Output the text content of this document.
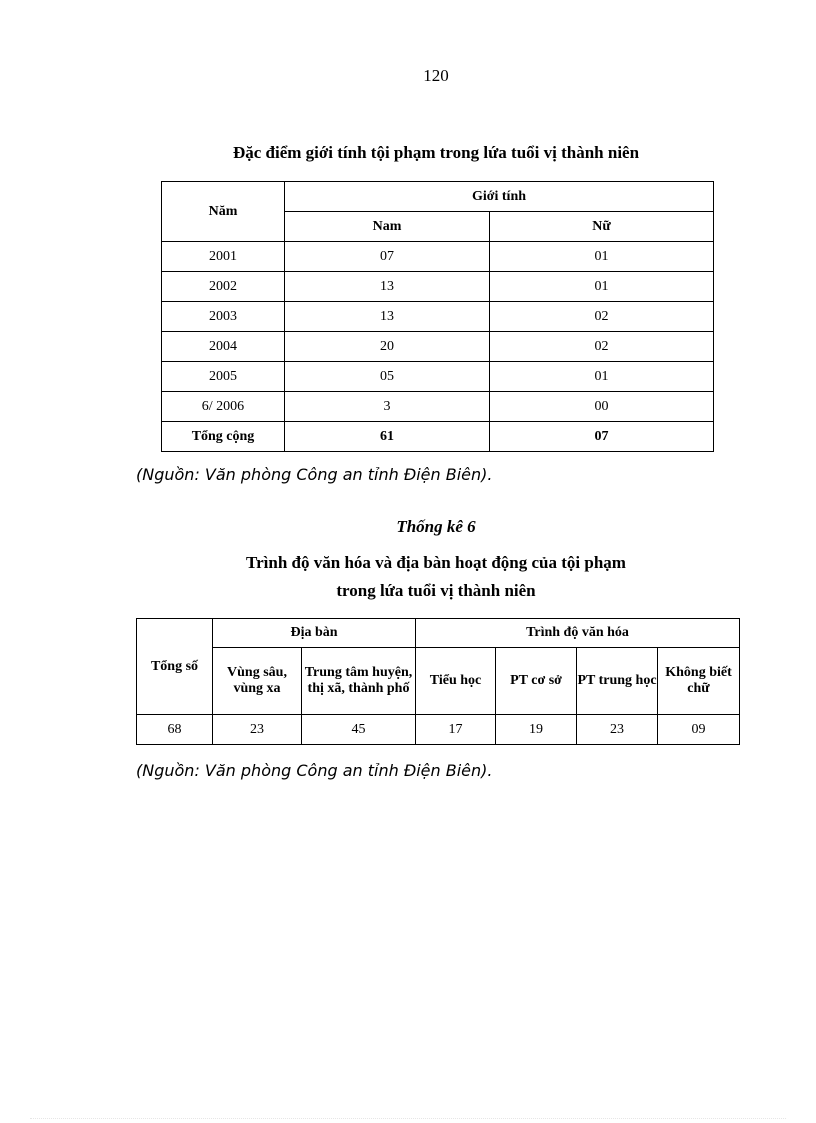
120
Đặc điểm giới tính tội phạm trong lứa tuổi vị thành niên
Năm	Giới tính	
	Nam	Nữ
2001	07	01
2002	13	01
2003	13	02
2004	20	02
2005	05	01
6/ 2006	3	00
Tổng cộng	61	07
(Nguồn: Văn phòng Công an tỉnh Điện Biên).
Thống kê 6
Trình độ văn hóa và địa bàn hoạt động của tội phạm
trong lứa tuổi vị thành niên
Tổng số	Địa bàn		Trình độ văn hóa			
	Vùng sâu, vùng xa	Trung tâm huyện, thị xã, thành phố	Tiểu học	PT cơ sở	PT trung học	Không biết chữ
68	23	45	17	19	23	09
(Nguồn: Văn phòng Công an tỉnh Điện Biên).
